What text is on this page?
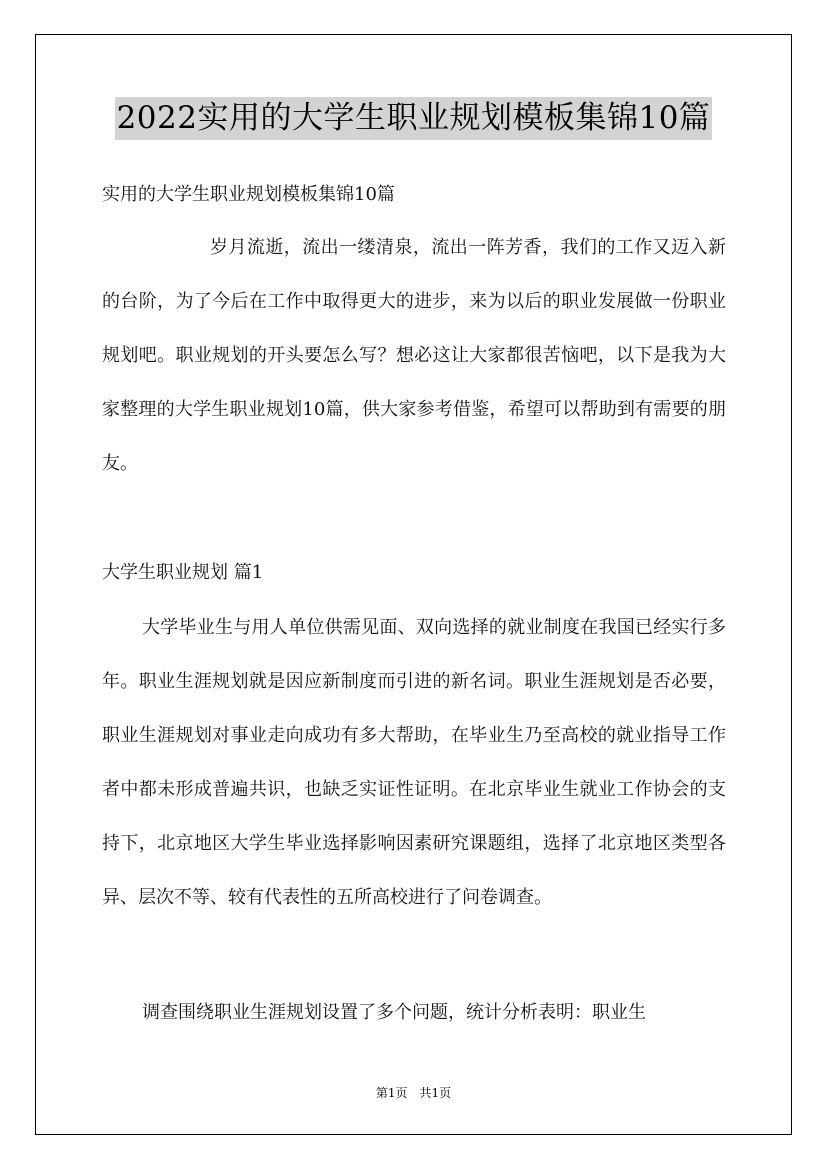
2022实用的大学生职业规划模板集锦10篇
实用的大学生职业规划模板集锦10篇
岁月流逝，流出一缕清泉，流出一阵芳香，我们的工作又迈入新的台阶，为了今后在工作中取得更大的进步，来为以后的职业发展做一份职业规划吧。职业规划的开头要怎么写？想必这让大家都很苦恼吧，以下是我为大家整理的大学生职业规划10篇，供大家参考借鉴，希望可以帮助到有需要的朋友。
大学生职业规划 篇1
大学毕业生与用人单位供需见面、双向选择的就业制度在我国已经实行多年。职业生涯规划就是因应新制度而引进的新名词。职业生涯规划是否必要，职业生涯规划对事业走向成功有多大帮助，在毕业生乃至高校的就业指导工作者中都未形成普遍共识，也缺乏实证性证明。在北京毕业生就业工作协会的支持下，北京地区大学生毕业选择影响因素研究课题组，选择了北京地区类型各异、层次不等、较有代表性的五所高校进行了问卷调查。
调查围绕职业生涯规划设置了多个问题，统计分析表明：职业生
第1页　共1页
